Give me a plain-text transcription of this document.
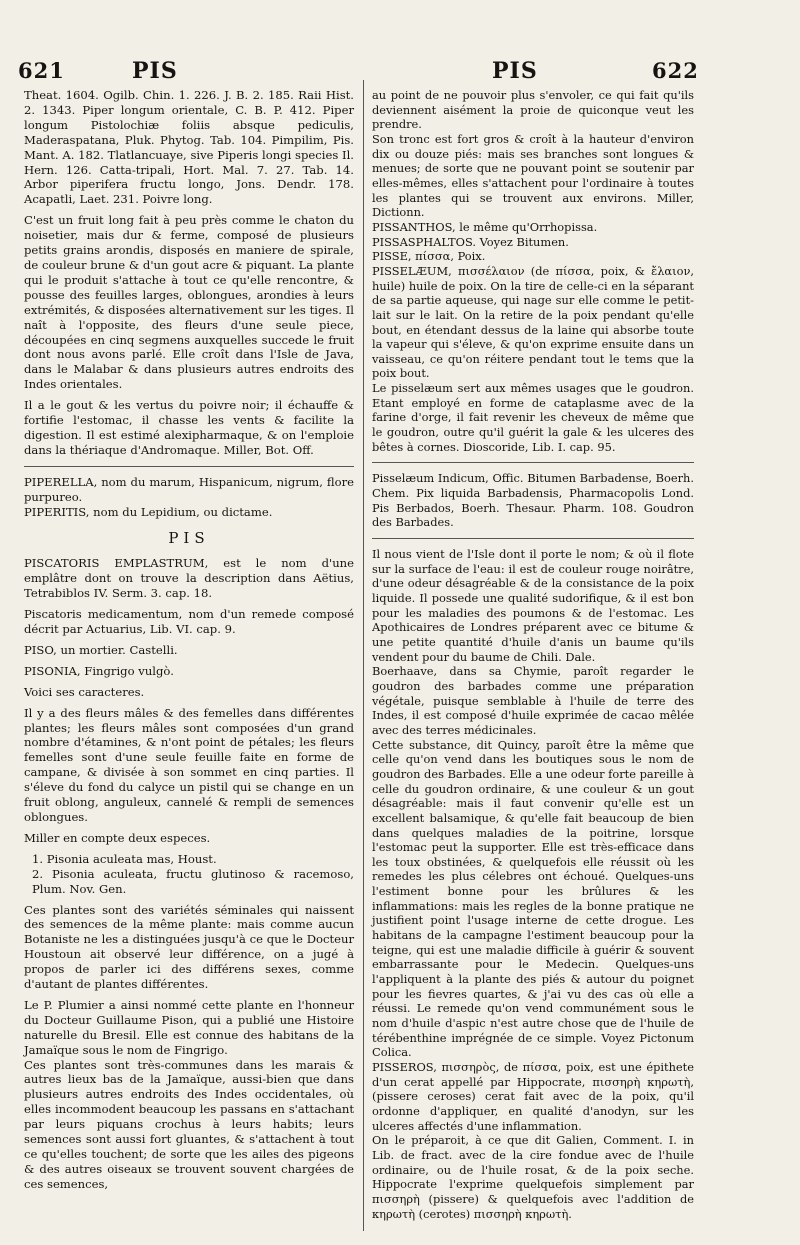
621	PIS	PIS	622

Theat. 1604. Ogilb. Chin. 1. 226. J. B. 2. 185. Raii Hist. 2. 1343. Piper longum orientale, C. B. P. 412. Piper longum Pistolochiæ foliis absque pediculis, Maderaspatana, Pluk. Phytog. Tab. 104. Pimpilim, Pis. Mant. A. 182. Tlatlancuaye, sive Piperis longi species Il. Hern. 126. Catta-tripali, Hort. Mal. 7. 27. Tab. 14. Arbor piperifera fructu longo, Jons. Dendr. 178. Acapatli, Laet. 231. Poivre long.

C'est un fruit long fait à peu près comme le chaton du noisetier, mais dur & ferme, composé de plusieurs petits grains arondis, disposés en maniere de spirale, de couleur brune & d'un gout acre & piquant. La plante qui le produit s'attache à tout ce qu'elle rencontre, & pousse des feuilles larges, oblongues, arondies à leurs extrémités, & disposées alternativement sur les tiges. Il naît à l'opposite, des fleurs d'une seule piece, découpées en cinq segmens auxquelles succede le fruit dont nous avons parlé. Elle croît dans l'Isle de Java, dans le Malabar & dans plusieurs autres endroits des Indes orientales.

Il a le gout & les vertus du poivre noir; il échauffe & fortifie l'estomac, il chasse les vents & facilite la digestion. Il est estimé alexipharmaque, & on l'emploie dans la thériaque d'Andromaque. Miller, Bot. Off.

PIPERELLA, nom du marum, Hispanicum, nigrum, flore purpureo.

PIPERITIS, nom du Lepidium, ou dictame.

PIS

PISCATORIS EMPLASTRUM, est le nom d'une emplâtre dont on trouve la description dans Aëtius, Tetrabiblos IV. Serm. 3. cap. 18.

Piscatoris medicamentum, nom d'un remede composé décrit par Actuarius, Lib. VI. cap. 9.

PISO, un mortier. Castelli.

PISONIA, Fingrigo vulgò.

Voici ses caracteres.

Il y a des fleurs mâles & des femelles dans différentes plantes; les fleurs mâles sont composées d'un grand nombre d'étamines, & n'ont point de pétales; les fleurs femelles sont d'une seule feuille faite en forme de campane, & divisée à son sommet en cinq parties. Il s'éleve du fond du calyce un pistil qui se change en un fruit oblong, anguleux, cannelé & rempli de semences oblongues.

Miller en compte deux especes.

1. Pisonia aculeata mas, Houst.

2. Pisonia aculeata, fructu glutinoso & racemoso, Plum. Nov. Gen.

Ces plantes sont des variétés séminales qui naissent des semences de la même plante: mais comme aucun Botaniste ne les a distinguées jusqu'à ce que le Docteur Houstoun ait observé leur différence, on a jugé à propos de parler ici des différens sexes, comme d'autant de plantes différentes.

Le P. Plumier a ainsi nommé cette plante en l'honneur du Docteur Guillaume Pison, qui a publié une Histoire naturelle du Bresil. Elle est connue des habitans de la Jamaïque sous le nom de Fingrigo.

Ces plantes sont très-communes dans les marais & autres lieux bas de la Jamaïque, aussi-bien que dans plusieurs autres endroits des Indes occidentales, où elles incommodent beaucoup les passans en s'attachant par leurs piquans crochus à leurs habits; leurs semences sont aussi fort gluantes, & s'attachent à tout ce qu'elles touchent; de sorte que les ailes des pigeons & des autres oiseaux se trouvent souvent chargées de ces semences,

au point de ne pouvoir plus s'envoler, ce qui fait qu'ils deviennent aisément la proie de quiconque veut les prendre.

Son tronc est fort gros & croît à la hauteur d'environ dix ou douze piés: mais ses branches sont longues & menues; de sorte que ne pouvant point se soutenir par elles-mêmes, elles s'attachent pour l'ordinaire à toutes les plantes qui se trouvent aux environs. Miller, Dictionn.

PISSANTHOS, le même qu'Orrhopissa.

PISSASPHALTOS. Voyez Bitumen.

PISSE, πίσσα, Poix.

PISSELÆUM, πισσέλαιον (de πίσσα, poix, & ἔλαιον, huile) huile de poix. On la tire de celle-ci en la séparant de sa partie aqueuse, qui nage sur elle comme le petit-lait sur le lait. On la retire de la poix pendant qu'elle bout, en étendant dessus de la laine qui absorbe toute la vapeur qui s'éleve, & qu'on exprime ensuite dans un vaisseau, ce qu'on réitere pendant tout le tems que la poix bout.

Le pisselæum sert aux mêmes usages que le goudron. Etant employé en forme de cataplasme avec de la farine d'orge, il fait revenir les cheveux de même que le goudron, outre qu'il guérit la gale & les ulceres des bêtes à cornes. Dioscoride, Lib. I. cap. 95.

Pisselæum Indicum, Offic. Bitumen Barbadense, Boerh. Chem. Pix liquida Barbadensis, Pharmacopolis Lond. Pis Berbados, Boerh. Thesaur. Pharm. 108. Goudron des Barbades.

Il nous vient de l'Isle dont il porte le nom; & où il flote sur la surface de l'eau: il est de couleur rouge noirâtre, d'une odeur désagréable & de la consistance de la poix liquide. Il possede une qualité sudorifique, & il est bon pour les maladies des poumons & de l'estomac. Les Apothicaires de Londres préparent avec ce bitume & une petite quantité d'huile d'anis un baume qu'ils vendent pour du baume de Chili. Dale.

Boerhaave, dans sa Chymie, paroît regarder le goudron des barbades comme une préparation végétale, puisque semblable à l'huile de terre des Indes, il est composé d'huile exprimée de cacao mêlée avec des terres médicinales.

Cette substance, dit Quincy, paroît être la même que celle qu'on vend dans les boutiques sous le nom de goudron des Barbades. Elle a une odeur forte pareille à celle du goudron ordinaire, & une couleur & un gout désagréable: mais il faut convenir qu'elle est un excellent balsamique, & qu'elle fait beaucoup de bien dans quelques maladies de la poitrine, lorsque l'estomac peut la supporter. Elle est très-efficace dans les toux obstinées, & quelquefois elle réussit où les remedes les plus célebres ont échoué. Quelques-uns l'estiment bonne pour les brûlures & les inflammations: mais les regles de la bonne pratique ne justifient point l'usage interne de cette drogue. Les habitans de la campagne l'estiment beaucoup pour la teigne, qui est une maladie difficile à guérir & souvent embarrassante pour le Medecin. Quelques-uns l'appliquent à la plante des piés & autour du poignet pour les fievres quartes, & j'ai vu des cas où elle a réussi. Le remede qu'on vend communément sous le nom d'huile d'aspic n'est autre chose que de l'huile de térébenthine imprégnée de ce simple. Voyez Pictonum Colica.

PISSEROS, πισσηρὸς, de πίσσα, poix, est une épithete d'un cerat appellé par Hippocrate, πισσηρὴ κηρωτὴ, (pissere ceroses) cerat fait avec de la poix, qu'il ordonne d'appliquer, en qualité d'anodyn, sur les ulceres affectés d'une inflammation.

On le préparoit, à ce que dit Galien, Comment. I. in Lib. de fract. avec de la cire fondue avec de l'huile ordinaire, ou de l'huile rosat, & de la poix seche. Hippocrate l'exprime quelquefois simplement par πισσηρὴ (pissere) & quelquefois avec l'addition de κηρωτὴ (cerotes) πισσηρὴ κηρωτὴ.
